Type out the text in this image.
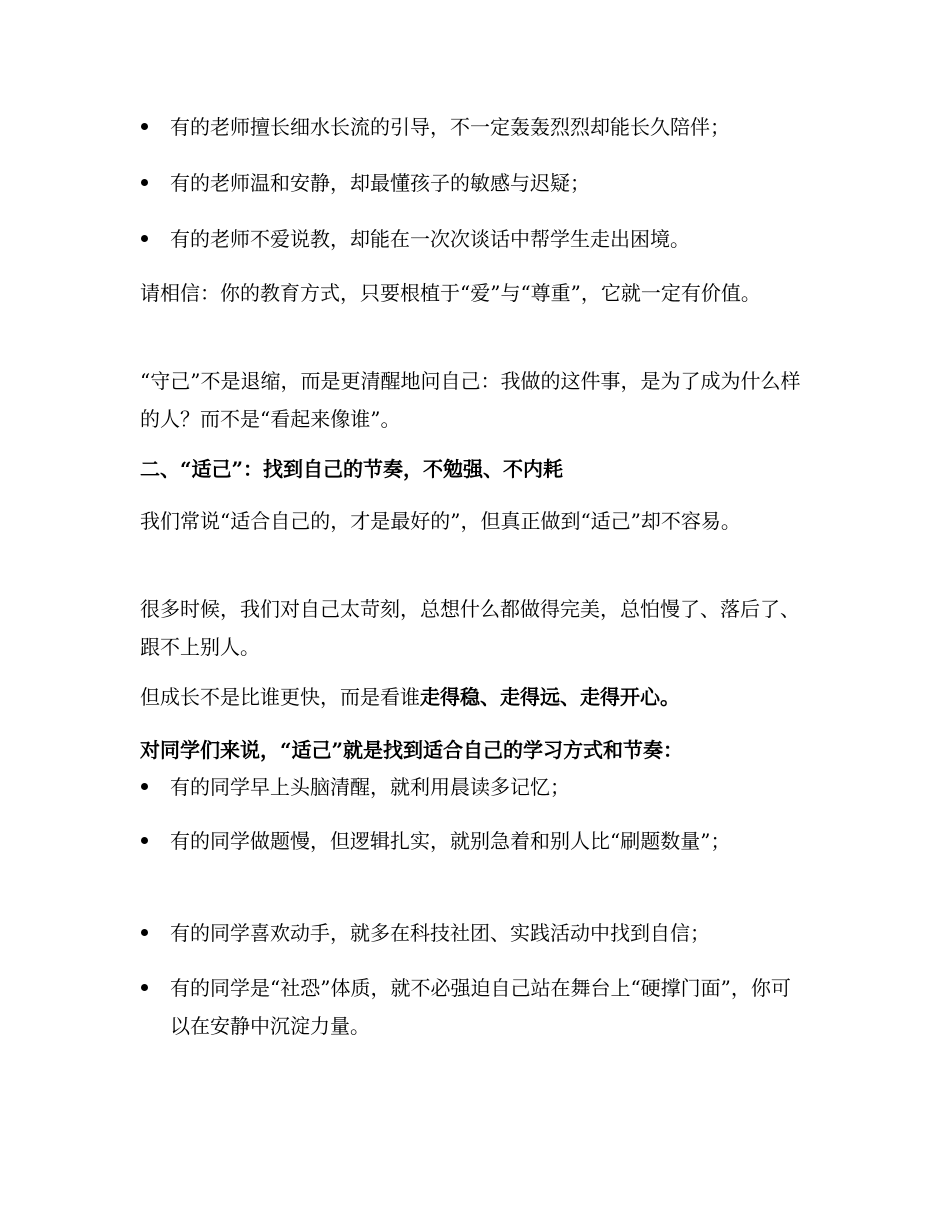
有的老师擅长细水长流的引导，不一定轰轰烈烈却能长久陪伴；
有的老师温和安静，却最懂孩子的敏感与迟疑；
有的老师不爱说教，却能在一次次谈话中帮学生走出困境。
请相信：你的教育方式，只要根植于“爱”与“尊重”，它就一定有价值。
“守己”不是退缩，而是更清醒地问自己：我做的这件事，是为了成为什么样的人？而不是“看起来像谁”。
二、“适己”：找到自己的节奏，不勉强、不内耗
我们常说“适合自己的，才是最好的”，但真正做到“适己”却不容易。
很多时候，我们对自己太苛刻，总想什么都做得完美，总怕慢了、落后了、跟不上别人。
但成长不是比谁更快，而是看谁走得稳、走得远、走得开心。
对同学们来说，“适己”就是找到适合自己的学习方式和节奏：
有的同学早上头脑清醒，就利用晨读多记忆；
有的同学做题慢，但逻辑扎实，就别急着和别人比“刷题数量”；
有的同学喜欢动手，就多在科技社团、实践活动中找到自信；
有的同学是“社恐”体质，就不必强迫自己站在舞台上“硬撑门面”，你可以在安静中沉淀力量。
